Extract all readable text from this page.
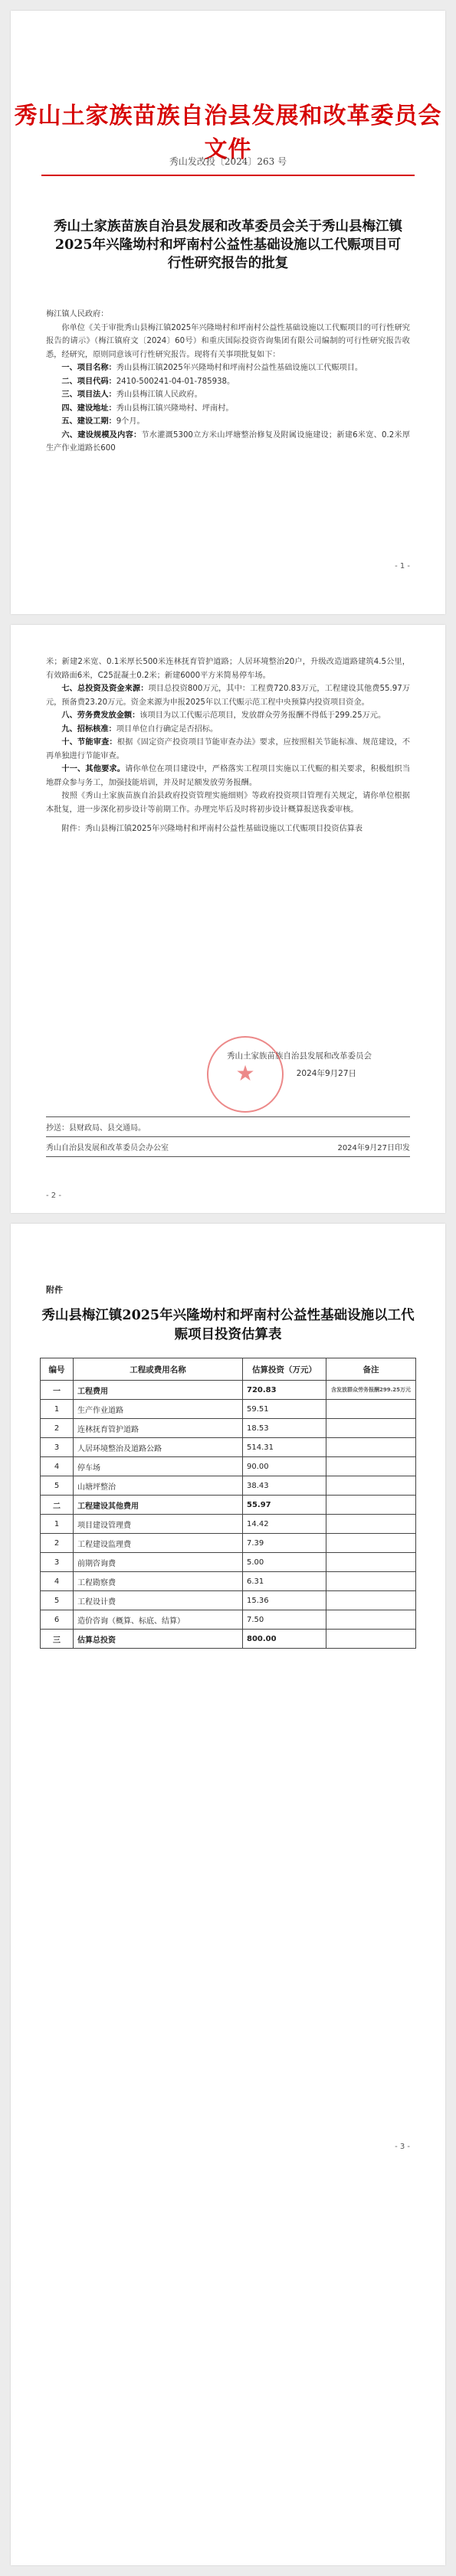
秀山土家族苗族自治县发展和改革委员会文件
秀山发改投〔2024〕263 号
秀山土家族苗族自治县发展和改革委员会关于秀山县梅江镇2025年兴隆坳村和坪南村公益性基础设施以工代赈项目可行性研究报告的批复

梅江镇人民政府：

你单位《关于审批秀山县梅江镇2025年兴隆坳村和坪南村公益性基础设施以工代赈项目的可行性研究报告的请示》（梅江镇府文〔2024〕60号）和重庆国际投资咨询集团有限公司编制的可行性研究报告收悉，经研究，原则同意该可行性研究报告。现将有关事项批复如下：

一、项目名称：秀山县梅江镇2025年兴隆坳村和坪南村公益性基础设施以工代赈项目。

二、项目代码：2410-500241-04-01-785938。

三、项目法人：秀山县梅江镇人民政府。

四、建设地址：秀山县梅江镇兴隆坳村、坪南村。

五、建设工期：9个月。

六、建设规模及内容：节水灌溉5300立方米山坪塘整治修复及附属设施建设；新建6米宽、0.2米厚生产作业道路长600

- 1 -

米；新建2米宽、0.1米厚长500米连林抚育管护道路；人居环境整治20户，升级改造道路建筑4.5公里，有效路面6米，C25混凝土0.2米；新建6000平方米简易停车场。

七、总投资及资金来源：项目总投资800万元，其中：工程费720.83万元，工程建设其他费55.97万元，预备费23.20万元。资金来源为申报2025年以工代赈示范工程中央预算内投资项目资金。

八、劳务费发放金额：该项目为以工代赈示范项目，发放群众劳务报酬不得低于299.25万元。

九、招标核准：项目单位自行确定是否招标。

十、节能审查：根据《固定资产投资项目节能审查办法》要求，应按照相关节能标准、规范建设，不再单独进行节能审查。

十一、其他要求。请你单位在项目建设中，严格落实工程项目实施以工代赈的相关要求，积极组织当地群众参与务工，加强技能培训，并及时足额发放劳务报酬。

按照《秀山土家族苗族自治县政府投资管理实施细则》等政府投资项目管理有关规定，请你单位根据本批复，进一步深化初步设计等前期工作。办理完毕后及时将初步设计概算报送我委审核。

附件：秀山县梅江镇2025年兴隆坳村和坪南村公益性基础设施以工代赈项目投资估算表

★
秀山土家族苗族自治县发展和改革委员会
2024年9月27日
抄送：县财政局、县交通局。
秀山自治县发展和改革委员会办公室	2024年9月27日印发
- 2 -
附件
秀山县梅江镇2025年兴隆坳村和坪南村公益性基础设施以工代赈项目投资估算表
编号	工程或费用名称	估算投资（万元）	备注
一	工程费用	720.83	含发放群众劳务报酬299.25万元
1	生产作业道路	59.51	
2	连林抚育管护道路	18.53	
3	人居环境整治及道路公路	514.31	
4	停车场	90.00	
5	山塘坪整治	38.43	
二	工程建设其他费用	55.97	
1	项目建设管理费	14.42	
2	工程建设监理费	7.39	
3	前期咨询费	5.00	
4	工程勘察费	6.31	
5	工程设计费	15.36	
6	造价咨询（概算、标底、结算）	7.50	
三	估算总投资	800.00	
- 3 -
